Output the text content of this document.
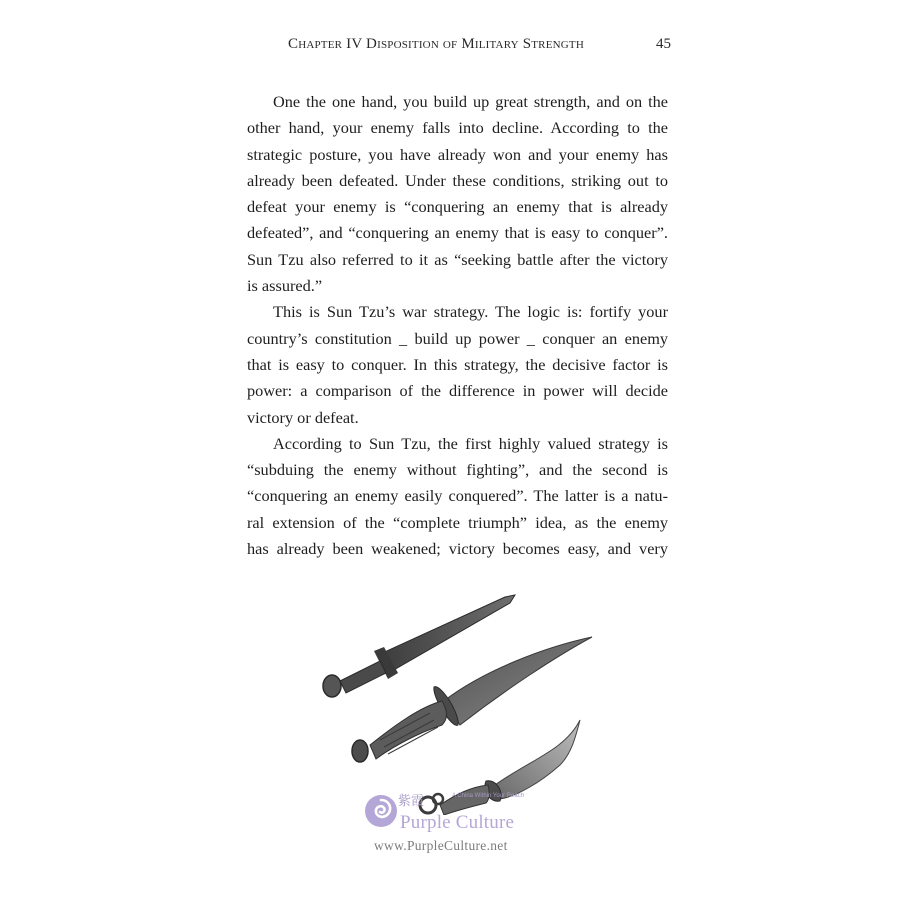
Chapter IV Disposition of Military Strength	45
One the one hand, you build up great strength, and on the
other hand, your enemy falls into decline. According to the
strategic posture, you have already won and your enemy has
already been defeated. Under these conditions, striking out to
defeat your enemy is “conquering an enemy that is already
defeated”, and “conquering an enemy that is easy to conquer”.
Sun Tzu also referred to it as “seeking battle after the victory
is assured.”
This is Sun Tzu’s war strategy. The logic is: fortify your
country’s constitution _ build up power _ conquer an enemy
that is easy to conquer. In this strategy, the decisive factor is
power: a comparison of the difference in power will decide
victory or defeat.
According to Sun Tzu, the first highly valued strategy is
“subduing the enemy without fighting”, and the second is
“conquering an enemy easily conquered”. The latter is a natu-
ral extension of the “complete triumph” idea, as the enemy
has already been weakened; victory becomes easy, and very
紫霞	A China Within Your Reach
Purple Culture
www.PurpleCulture.net
